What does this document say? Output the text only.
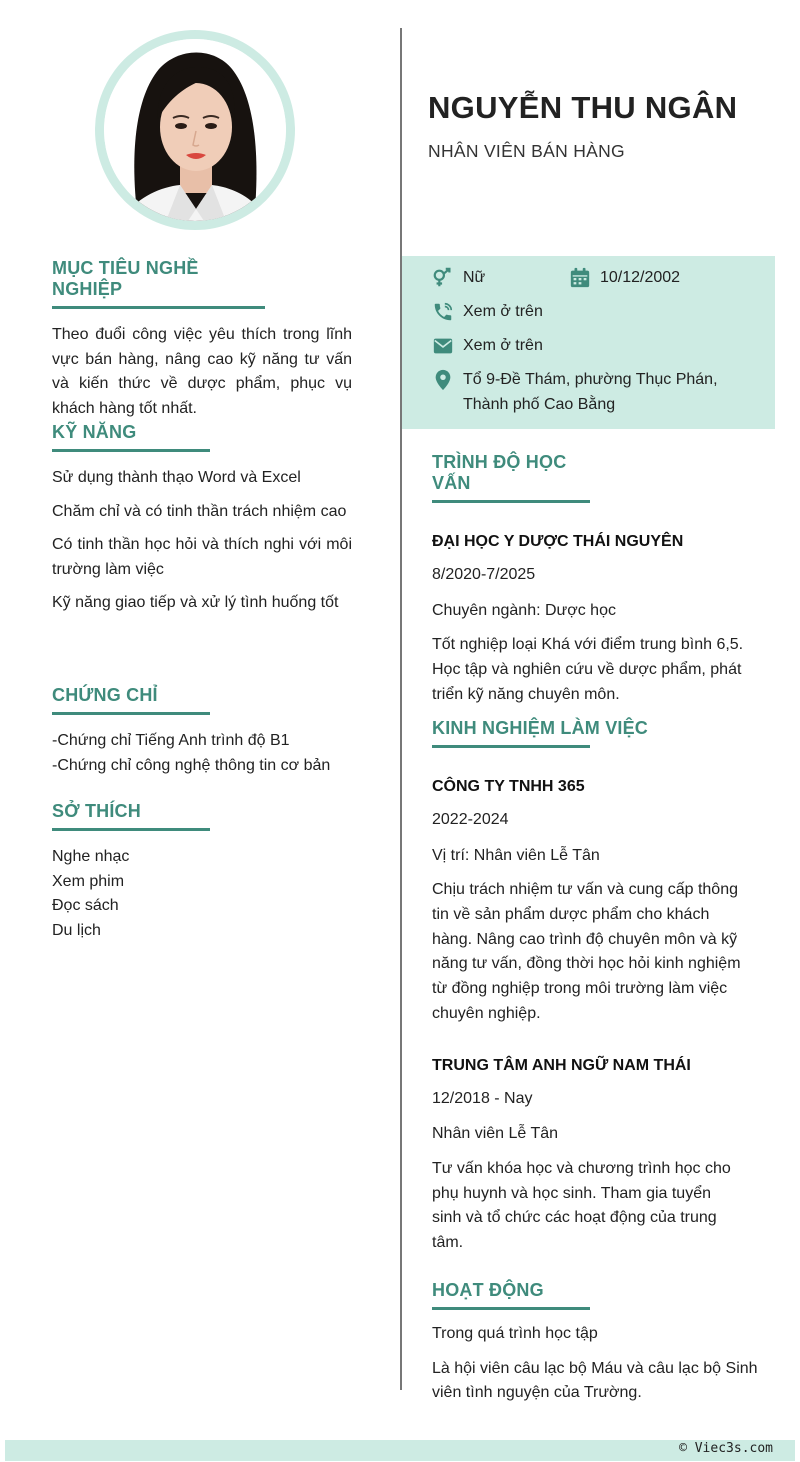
MỤC TIÊU NGHỀ NGHIỆP
Theo đuổi công việc yêu thích trong lĩnh vực bán hàng, nâng cao kỹ năng tư vấn và kiến thức về dược phẩm, phục vụ khách hàng tốt nhất.
KỸ NĂNG
Sử dụng thành thạo Word và Excel
Chăm chỉ và có tinh thần trách nhiệm cao
Có tinh thần học hỏi và thích nghi với môi trường làm việc
Kỹ năng giao tiếp và xử lý tình huống tốt
CHỨNG CHỈ
-Chứng chỉ Tiếng Anh trình độ B1
-Chứng chỉ công nghệ thông tin cơ bản
SỞ THÍCH
Nghe nhạc
Xem phim
Đọc sách
Du lịch
NGUYỄN THU NGÂN
NHÂN VIÊN BÁN HÀNG
Nữ	10/12/2002
Xem ở trên
Xem ở trên
Tổ 9-Đề Thám, phường Thục Phán,
Thành phố Cao Bằng
TRÌNH ĐỘ HỌC VẤN
ĐẠI HỌC Y DƯỢC THÁI NGUYÊN
8/2020-7/2025
Chuyên ngành: Dược học
Tốt nghiệp loại Khá với điểm trung bình 6,5. Học tập và nghiên cứu về dược phẩm, phát triển kỹ năng chuyên môn.
KINH NGHIỆM LÀM VIỆC
CÔNG TY TNHH 365
2022-2024
Vị trí: Nhân viên Lễ Tân
Chịu trách nhiệm tư vấn và cung cấp thông tin về sản phẩm dược phẩm cho khách hàng. Nâng cao trình độ chuyên môn và kỹ năng tư vấn, đồng thời học hỏi kinh nghiệm từ đồng nghiệp trong môi trường làm việc chuyên nghiệp.
TRUNG TÂM ANH NGỮ NAM THÁI
12/2018 - Nay
Nhân viên Lễ Tân
Tư vấn khóa học và chương trình học cho phụ huynh và học sinh. Tham gia tuyển sinh và tổ chức các hoạt động của trung tâm.
HOẠT ĐỘNG
Trong quá trình học tập
Là hội viên câu lạc bộ Máu và câu lạc bộ Sinh viên tình nguyện của Trường.
© Viec3s.com
